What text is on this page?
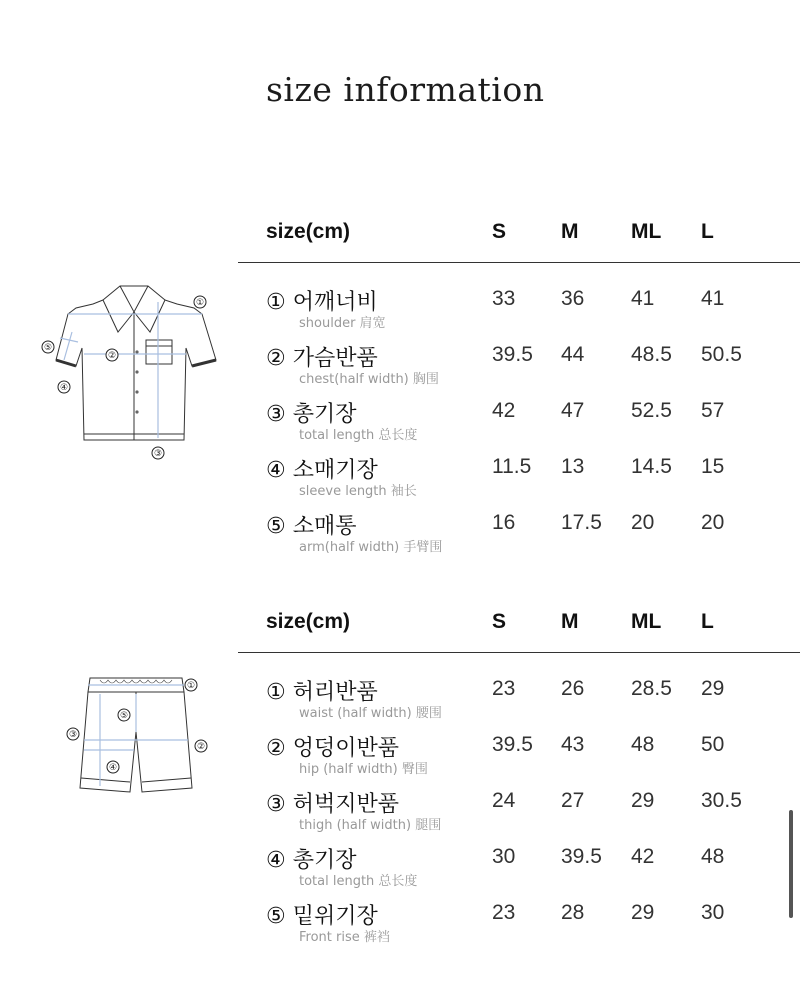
size information
size(cm)	S	M	ML L
① 어깨너비
shoulder 肩宽
33 36 41 41
② 가슴반품
chest(half width) 胸围
39.5 44 48.5 50.5
③ 총기장
total length 总长度
42 47 52.5 57
④ 소매기장
sleeve length 袖长
11.5 13 14.5 15
⑤ 소매통
arm(half width) 手臂围
16 17.5 20 20
①
②
③
④
⑤
size(cm)	S	M	ML L
① 허리반품
waist (half width) 腰围
23 26 28.5 29
② 엉덩이반품
hip (half width) 臀围
39.5 43 48 50
③ 허벅지반품
thigh (half width) 腿围
24 27 29 30.5
④ 총기장
total length 总长度
30 39.5 42 48
⑤ 밑위기장
Front rise 裤裆
23 28 29 30
①
②
③
④
⑤
